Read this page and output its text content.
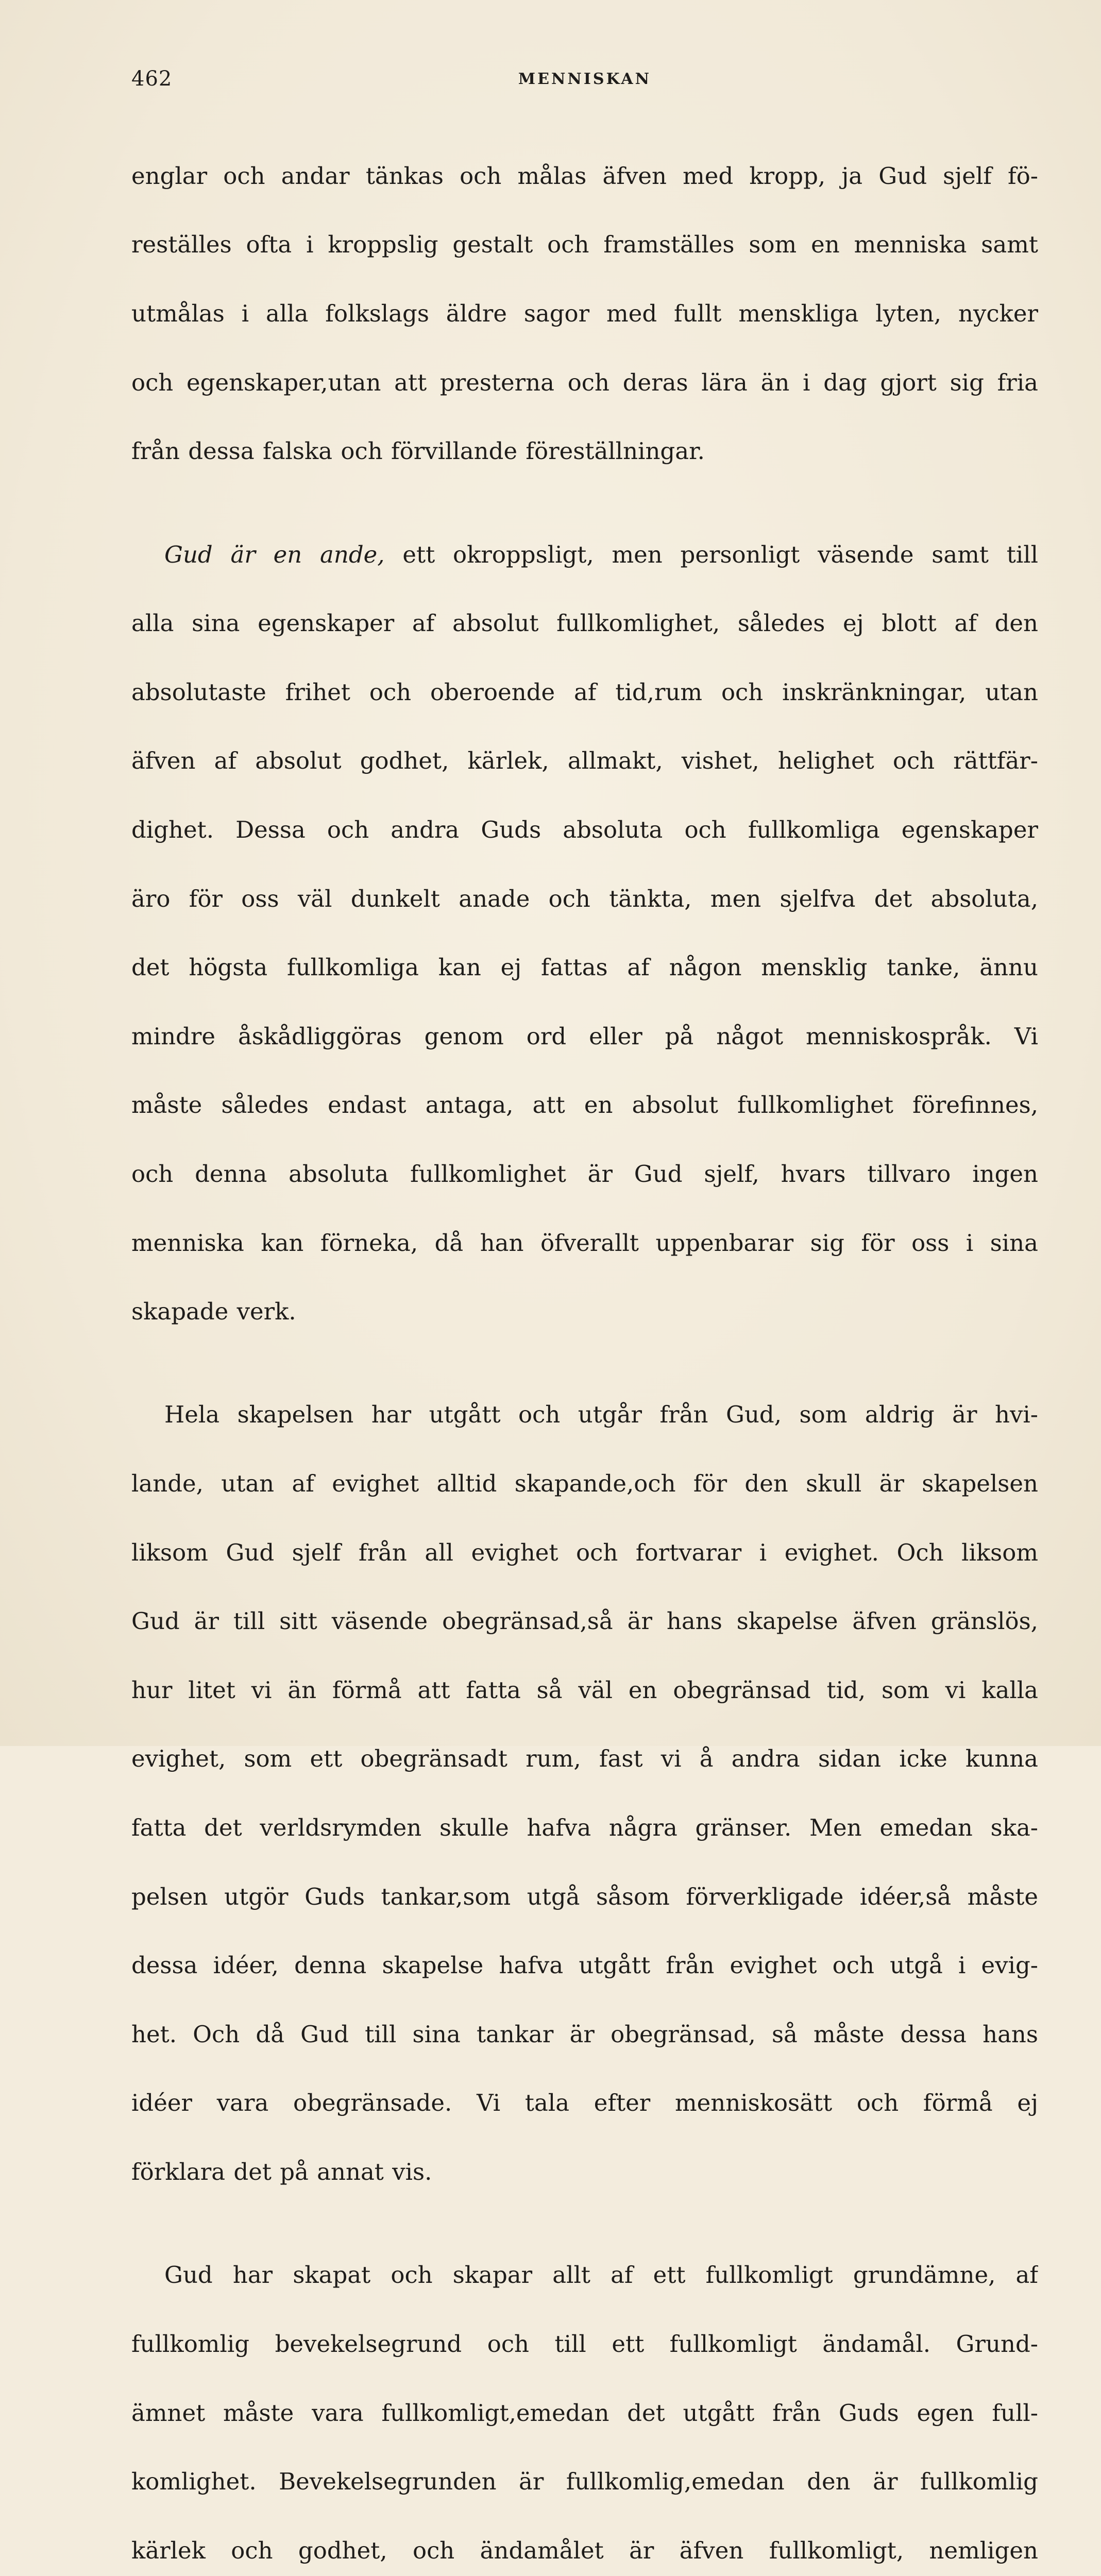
462	MENNISKAN

englar och andar tänkas och målas äfven med kropp, ja Gud sjelf fö-

reställes ofta i kroppslig gestalt och framställes som en menniska samt

utmålas i alla folkslags äldre sagor med fullt menskliga lyten, nycker

och egenskaper,utan att presterna och deras lära än i dag gjort sig fria

från dessa falska och förvillande föreställningar.

Gud är en ande, ett okroppsligt, men personligt väsende samt till

alla sina egenskaper af absolut fullkomlighet, således ej blott af den

absolutaste frihet och oberoende af tid,rum och inskränkningar, utan

äfven af absolut godhet, kärlek, allmakt, vishet, helighet och rättfär-

dighet. Dessa och andra Guds absoluta och fullkomliga egenskaper

äro för oss väl dunkelt anade och tänkta, men sjelfva det absoluta,

det högsta fullkomliga kan ej fattas af någon mensklig tanke, ännu

mindre åskådliggöras genom ord eller på något menniskospråk. Vi

måste således endast antaga, att en absolut fullkomlighet förefinnes,

och denna absoluta fullkomlighet är Gud sjelf, hvars tillvaro ingen

menniska kan förneka, då han öfverallt uppenbarar sig för oss i sina

skapade verk.

Hela skapelsen har utgått och utgår från Gud, som aldrig är hvi-

lande, utan af evighet alltid skapande,och för den skull är skapelsen

liksom Gud sjelf från all evighet och fortvarar i evighet. Och liksom

Gud är till sitt väsende obegränsad,så är hans skapelse äfven gränslös,

hur litet vi än förmå att fatta så väl en obegränsad tid, som vi kalla

evighet, som ett obegränsadt rum, fast vi å andra sidan icke kunna

fatta det verldsrymden skulle hafva några gränser. Men emedan ska-

pelsen utgör Guds tankar,som utgå såsom förverkligade idéer,så måste

dessa idéer, denna skapelse hafva utgått från evighet och utgå i evig-

het. Och då Gud till sina tankar är obegränsad, så måste dessa hans

idéer vara obegränsade. Vi tala efter menniskosätt och förmå ej

förklara det på annat vis.

Gud har skapat och skapar allt af ett fullkomligt grundämne, af

fullkomlig bevekelsegrund och till ett fullkomligt ändamål. Grund-

ämnet måste vara fullkomligt,emedan det utgått från Guds egen full-

komlighet. Bevekelsegrunden är fullkomlig,emedan den är fullkomlig

kärlek och godhet, och ändamålet är äfven fullkomligt, nemligen
